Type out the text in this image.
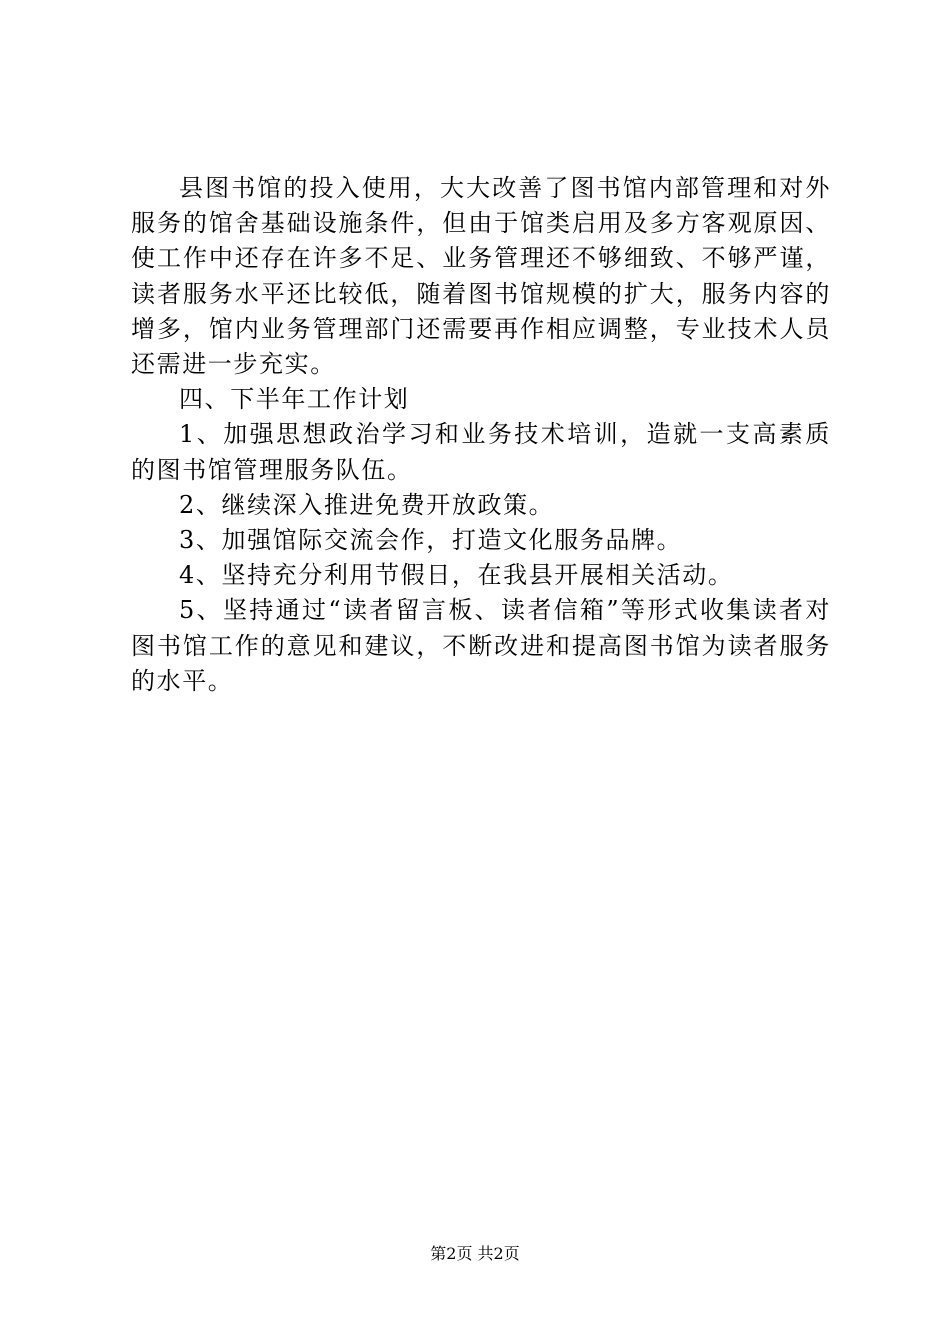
县图书馆的投入使用，大大改善了图书馆内部管理和对外服务的馆舍基础设施条件，但由于馆类启用及多方客观原因、使工作中还存在许多不足、业务管理还不够细致、不够严谨，读者服务水平还比较低，随着图书馆规模的扩大，服务内容的增多，馆内业务管理部门还需要再作相应调整，专业技术人员还需进一步充实。

四、下半年工作计划

1、加强思想政治学习和业务技术培训，造就一支高素质的图书馆管理服务队伍。

2、继续深入推进免费开放政策。

3、加强馆际交流会作，打造文化服务品牌。

4、坚持充分利用节假日，在我县开展相关活动。

5、坚持通过“读者留言板、读者信箱”等形式收集读者对图书馆工作的意见和建议，不断改进和提高图书馆为读者服务的水平。

第2页 共2页
